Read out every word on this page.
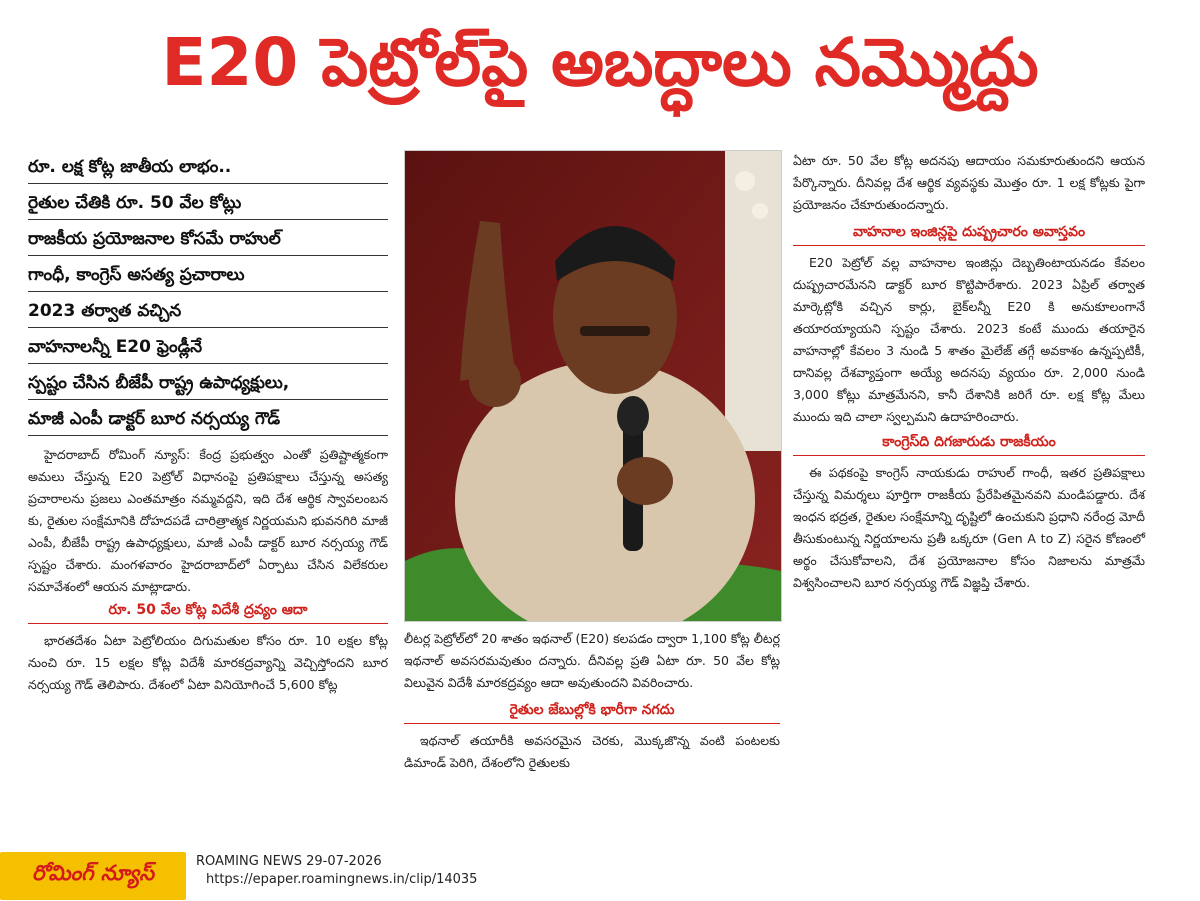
E20 పెట్రోల్‌పై అబద్ధాలు నమ్మొద్దు
రూ. లక్ష కోట్ల జాతీయ లాభం..
రైతుల చేతికి రూ. 50 వేల కోట్లు
రాజకీయ ప్రయోజనాల కోసమే రాహుల్
గాంధీ, కాంగ్రెస్ అసత్య ప్రచారాలు
2023 తర్వాత వచ్చిన
వాహనాలన్నీ E20 ఫ్రెండ్లీనే
స్పష్టం చేసిన బీజేపీ రాష్ట్ర ఉపాధ్యక్షులు,
మాజీ ఎంపీ డాక్టర్ బూర నర్సయ్య గౌడ్
హైదరాబాద్ రోమింగ్ న్యూస్: కేంద్ర ప్రభుత్వం ఎంతో ప్రతిష్టాత్మకంగా అమలు చేస్తున్న E20 పెట్రోల్ విధానంపై ప్రతిపక్షాలు చేస్తున్న అసత్య ప్రచారాలను ప్రజలు ఎంతమాత్రం నమ్మవద్దని, ఇది దేశ ఆర్థిక స్వావలంబన కు, రైతుల సంక్షేమానికి దోహదపడే చారిత్రాత్మక నిర్ణయమని భువనగిరి మాజీ ఎంపీ, బీజేపీ రాష్ట్ర ఉపాధ్యక్షులు, మాజీ ఎంపీ డాక్టర్ బూర నర్సయ్య గౌడ్ స్పష్టం చేశారు. మంగళవారం హైదరాబాద్‌లో ఏర్పాటు చేసిన విలేకరుల సమావేశంలో ఆయన మాట్లాడారు.
రూ. 50 వేల కోట్ల విదేశీ ద్రవ్యం ఆదా
భారతదేశం ఏటా పెట్రోలియం దిగుమతుల కోసం రూ. 10 లక్షల కోట్ల నుంచి రూ. 15 లక్షల కోట్ల విదేశీ మారకద్రవ్యాన్ని వెచ్చిస్తోందని బూర నర్సయ్య గౌడ్ తెలిపారు. దేశంలో ఏటా వినియోగించే 5,600 కోట్ల
లీటర్ల పెట్రోల్‌లో 20 శాతం ఇథనాల్ (E20) కలపడం ద్వారా 1,100 కోట్ల లీటర్ల ఇథనాల్ అవసరమవుతుం దన్నారు. దీనివల్ల ప్రతి ఏటా రూ. 50 వేల కోట్ల విలువైన విదేశీ మారకద్రవ్యం ఆదా అవుతుందని వివరించారు.
రైతుల జేబుల్లోకి భారీగా నగదు
ఇథనాల్ తయారీకి అవసరమైన చెరకు, మొక్కజొన్న వంటి పంటలకు డిమాండ్ పెరిగి, దేశంలోని రైతులకు
ఏటా రూ. 50 వేల కోట్ల అదనపు ఆదాయం సమకూరుతుందని ఆయన పేర్కొన్నారు. దీనివల్ల దేశ ఆర్థిక వ్యవస్థకు మొత్తం రూ. 1 లక్ష కోట్లకు పైగా ప్రయోజనం చేకూరుతుందన్నారు.
వాహనాల ఇంజిన్లపై దుష్ప్రచారం అవాస్తవం
E20 పెట్రోల్ వల్ల వాహనాల ఇంజిన్లు దెబ్బతింటాయనడం కేవలం దుష్ప్రచారమేనని డాక్టర్ బూర కొట్టిపారేశారు. 2023 ఏప్రిల్ తర్వాత మార్కెట్లోకి వచ్చిన కార్లు, బైక్‌లన్నీ E20 కి అనుకూలంగానే తయారయ్యాయని స్పష్టం చేశారు. 2023 కంటే ముందు తయారైన వాహనాల్లో కేవలం 3 నుండి 5 శాతం మైలేజ్ తగ్గే అవకాశం ఉన్నప్పటికీ, దానివల్ల దేశవ్యాప్తంగా అయ్యే అదనపు వ్యయం రూ. 2,000 నుండి 3,000 కోట్లు మాత్రమేనని, కానీ దేశానికి జరిగే రూ. లక్ష కోట్ల మేలు ముందు ఇది చాలా స్వల్పమని ఉదాహరించారు.
కాంగ్రెస్‌ది దిగజారుడు రాజకీయం
ఈ పథకంపై కాంగ్రెస్ నాయకుడు రాహుల్ గాంధీ, ఇతర ప్రతిపక్షాలు చేస్తున్న విమర్శలు పూర్తిగా రాజకీయ ప్రేరేపితమైనవని మండిపడ్డారు. దేశ ఇంధన భద్రత, రైతుల సంక్షేమాన్ని దృష్టిలో ఉంచుకుని ప్రధాని నరేంద్ర మోదీ తీసుకుంటున్న నిర్ణయాలను ప్రతీ ఒక్కరూ (Gen A to Z) సరైన కోణంలో అర్థం చేసుకోవాలని, దేశ ప్రయోజనాల కోసం నిజాలను మాత్రమే విశ్వసించాలని బూర నర్సయ్య గౌడ్ విజ్ఞప్తి చేశారు.
రోమింగ్ న్యూస్	ROAMING NEWS 29-07-2026
https://epaper.roamingnews.in/clip/14035
